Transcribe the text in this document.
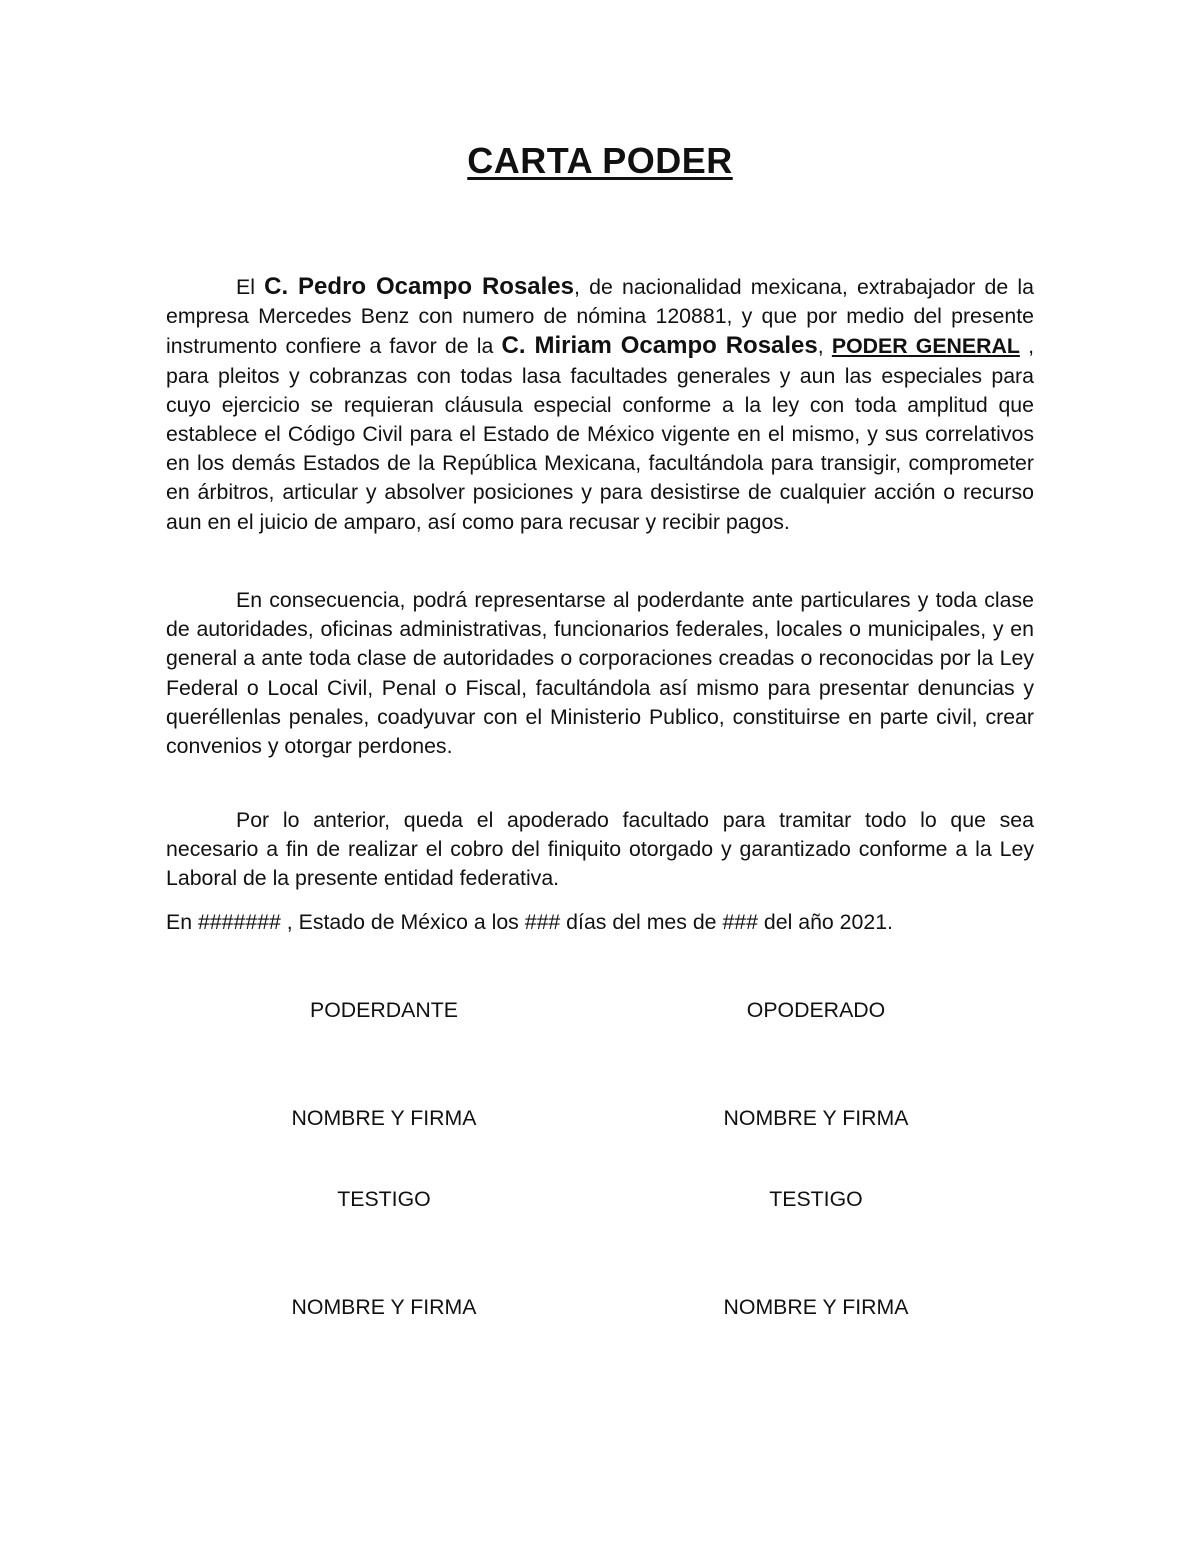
CARTA PODER

El C. Pedro Ocampo Rosales, de nacionalidad mexicana, extrabajador de la empresa Mercedes Benz con numero de nómina 120881, y que por medio del presente instrumento confiere a favor de la C. Miriam Ocampo Rosales, PODER GENERAL , para pleitos y cobranzas con todas lasa facultades generales y aun las especiales para cuyo ejercicio se requieran cláusula especial conforme a la ley con toda amplitud que establece el Código Civil para el Estado de México vigente en el mismo, y sus correlativos en los demás Estados de la República Mexicana, facultándola para transigir, comprometer en árbitros, articular y absolver posiciones y para desistirse de cualquier acción o recurso aun en el juicio de amparo, así como para recusar y recibir pagos.

En consecuencia, podrá representarse al poderdante ante particulares y toda clase de autoridades, oficinas administrativas, funcionarios federales, locales o municipales, y en general a ante toda clase de autoridades o corporaciones creadas o reconocidas por la Ley Federal o Local Civil, Penal o Fiscal, facultándola así mismo para presentar denuncias y queréllenlas penales, coadyuvar con el Ministerio Publico, constituirse en parte civil, crear convenios y otorgar perdones.

Por lo anterior, queda el apoderado facultado para tramitar todo lo que sea necesario a fin de realizar el cobro del finiquito otorgado y garantizado conforme a la Ley Laboral de la presente entidad federativa.

En ####### , Estado de México a los ### días del mes de ### del año 2021.
PODERDANTE	OPODERADO
NOMBRE Y FIRMA	NOMBRE Y FIRMA
TESTIGO	TESTIGO
NOMBRE Y FIRMA	NOMBRE Y FIRMA
